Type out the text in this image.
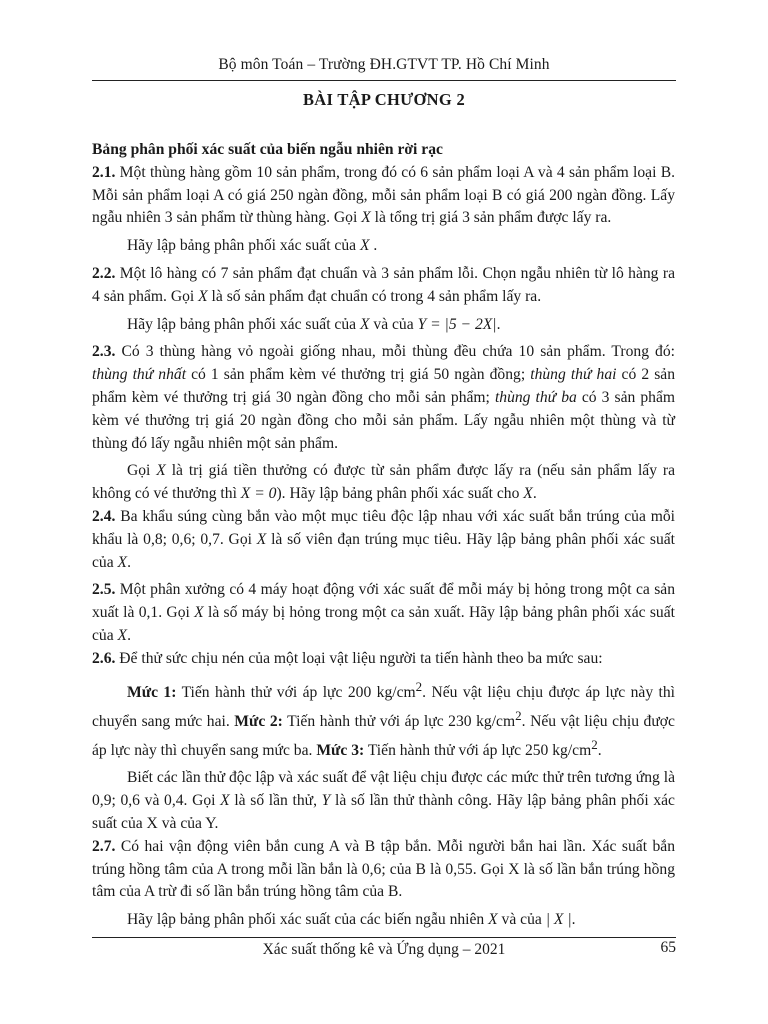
Bộ môn Toán – Trường ĐH.GTVT TP. Hồ Chí Minh
BÀI TẬP CHƯƠNG 2

Bảng phân phối xác suất của biến ngẫu nhiên rời rạc

2.1. Một thùng hàng gồm 10 sản phẩm, trong đó có 6 sản phẩm loại A và 4 sản phẩm loại B. Mỗi sản phẩm loại A có giá 250 ngàn đồng, mỗi sản phẩm loại B có giá 200 ngàn đồng. Lấy ngẫu nhiên 3 sản phẩm từ thùng hàng. Gọi X là tổng trị giá 3 sản phẩm được lấy ra.

Hãy lập bảng phân phối xác suất của X .

2.2. Một lô hàng có 7 sản phẩm đạt chuẩn và 3 sản phẩm lỗi. Chọn ngẫu nhiên từ lô hàng ra 4 sản phẩm. Gọi X là số sản phẩm đạt chuẩn có trong 4 sản phẩm lấy ra.

Hãy lập bảng phân phối xác suất của X và của Y = |5 − 2X|.

2.3. Có 3 thùng hàng vỏ ngoài giống nhau, mỗi thùng đều chứa 10 sản phẩm. Trong đó: thùng thứ nhất có 1 sản phẩm kèm vé thưởng trị giá 50 ngàn đồng; thùng thứ hai có 2 sản phẩm kèm vé thưởng trị giá 30 ngàn đồng cho mỗi sản phẩm; thùng thứ ba có 3 sản phẩm kèm vé thưởng trị giá 20 ngàn đồng cho mỗi sản phẩm. Lấy ngẫu nhiên một thùng và từ thùng đó lấy ngẫu nhiên một sản phẩm.

Gọi X là trị giá tiền thưởng có được từ sản phẩm được lấy ra (nếu sản phẩm lấy ra không có vé thưởng thì X = 0). Hãy lập bảng phân phối xác suất cho X.

2.4. Ba khẩu súng cùng bắn vào một mục tiêu độc lập nhau với xác suất bắn trúng của mỗi khẩu là 0,8; 0,6; 0,7. Gọi X là số viên đạn trúng mục tiêu. Hãy lập bảng phân phối xác suất của X.

2.5. Một phân xưởng có 4 máy hoạt động với xác suất để mỗi máy bị hỏng trong một ca sản xuất là 0,1. Gọi X là số máy bị hỏng trong một ca sản xuất. Hãy lập bảng phân phối xác suất của X.

2.6. Để thử sức chịu nén của một loại vật liệu người ta tiến hành theo ba mức sau:

Mức 1: Tiến hành thử với áp lực 200 $kg/cm^2$. Nếu vật liệu chịu được áp lực này thì chuyển sang mức hai. Mức 2: Tiến hành thử với áp lực 230 $kg/cm^2$. Nếu vật liệu chịu được áp lực này thì chuyển sang mức ba. Mức 3: Tiến hành thử với áp lực 250 $kg/cm^2$.

Biết các lần thử độc lập và xác suất để vật liệu chịu được các mức thử trên tương ứng là 0,9; 0,6 và 0,4. Gọi X là số lần thử, Y là số lần thử thành công. Hãy lập bảng phân phối xác suất của X và của Y.

2.7. Có hai vận động viên bắn cung A và B tập bắn. Mỗi người bắn hai lần. Xác suất bắn trúng hồng tâm của A trong mỗi lần bắn là 0,6; của B là 0,55. Gọi X là số lần bắn trúng hồng tâm của A trừ đi số lần bắn trúng hồng tâm của B.

Hãy lập bảng phân phối xác suất của các biến ngẫu nhiên X và của | X |.

Xác suất thống kê và Ứng dụng – 2021	65
